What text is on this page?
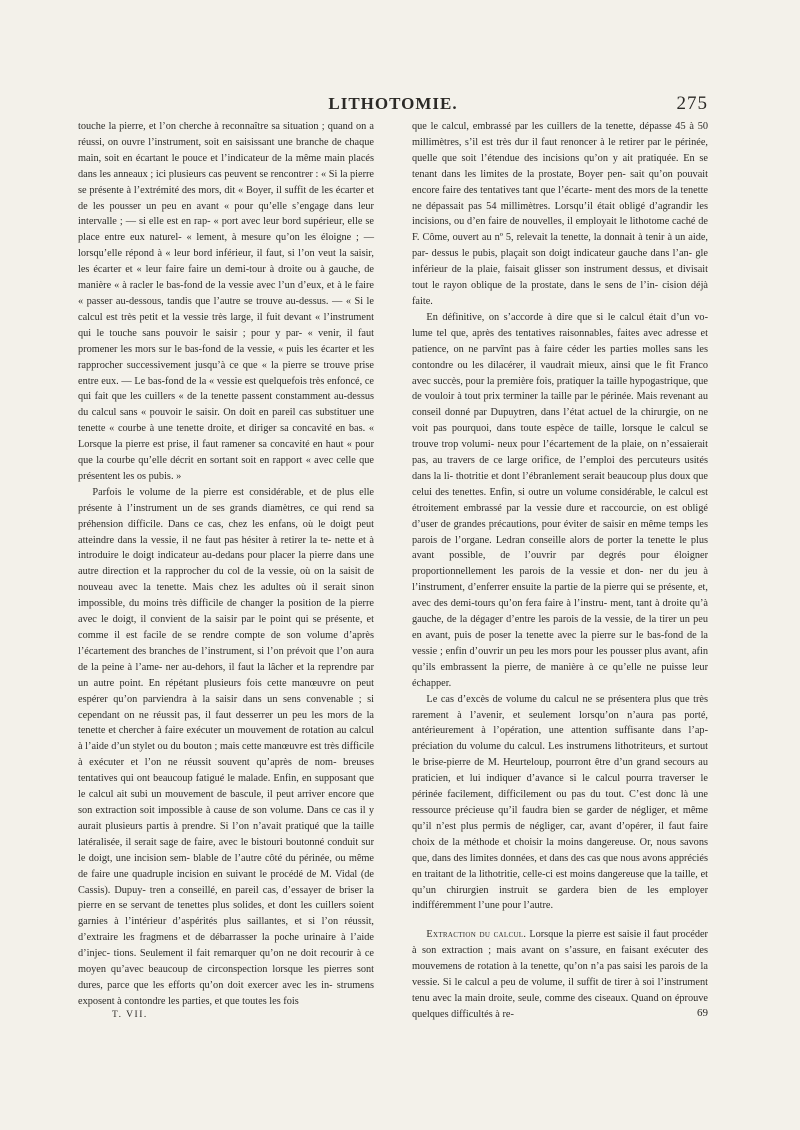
LITHOTOMIE.	275

touche la pierre, et l’on cherche à reconnaître sa situation ; quand on a réussi, on ouvre l’instrument, soit en saisissant une branche de chaque main, soit en écartant le pouce et l’indicateur de la même main placés dans les anneaux ; ici plusieurs cas peuvent se rencontrer : « Si la pierre se présente à l’extrémité des mors, dit « Boyer, il suffit de les écarter et de les pousser un peu en avant « pour qu’elle s’engage dans leur intervalle ; — si elle est en rap- « port avec leur bord supérieur, elle se place entre eux naturel- « lement, à mesure qu’on les éloigne ; — lorsqu’elle répond à « leur bord inférieur, il faut, si l’on veut la saisir, les écarter et « leur faire faire un demi-tour à droite ou à gauche, de manière « à racler le bas-fond de la vessie avec l’un d’eux, et à le faire « passer au-dessous, tandis que l’autre se trouve au-dessus. — « Si le calcul est très petit et la vessie très large, il fuit devant « l’instrument qui le touche sans pouvoir le saisir ; pour y par- « venir, il faut promener les mors sur le bas-fond de la vessie, « puis les écarter et les rapprocher successivement jusqu’à ce que « la pierre se trouve prise entre eux. — Le bas-fond de la « vessie est quelquefois très enfoncé, ce qui fait que les cuillers « de la tenette passent constamment au-dessus du calcul sans « pouvoir le saisir. On doit en pareil cas substituer une tenette « courbe à une tenette droite, et diriger sa concavité en bas. « Lorsque la pierre est prise, il faut ramener sa concavité en haut « pour que la courbe qu’elle décrit en sortant soit en rapport « avec celle que présentent les os pubis. »

Parfois le volume de la pierre est considérable, et de plus elle présente à l’instrument un de ses grands diamètres, ce qui rend sa préhension difficile. Dans ce cas, chez les enfans, où le doigt peut atteindre dans la vessie, il ne faut pas hésiter à retirer la te- nette et à introduire le doigt indicateur au-dedans pour placer la pierre dans une autre direction et la rapprocher du col de la vessie, où on la saisit de nouveau avec la tenette. Mais chez les adultes où il serait sinon impossible, du moins très difficile de changer la position de la pierre avec le doigt, il convient de la saisir par le point qui se présente, et comme il est facile de se rendre compte de son volume d’après l’écartement des branches de l’instrument, si l’on prévoit que l’on aura de la peine à l’ame- ner au-dehors, il faut la lâcher et la reprendre par un autre point. En répétant plusieurs fois cette manœuvre on peut espérer qu’on parviendra à la saisir dans un sens convenable ; si cependant on ne réussit pas, il faut desserrer un peu les mors de la tenette et chercher à faire exécuter un mouvement de rotation au calcul à l’aide d’un stylet ou du bouton ; mais cette manœuvre est très difficile à exécuter et l’on ne réussit souvent qu’après de nom- breuses tentatives qui ont beaucoup fatigué le malade. Enfin, en supposant que le calcul ait subi un mouvement de bascule, il peut arriver encore que son extraction soit impossible à cause de son volume. Dans ce cas il y aurait plusieurs partis à prendre. Si l’on n’avait pratiqué que la taille latéralisée, il serait sage de faire, avec le bistouri boutonné conduit sur le doigt, une incision sem- blable de l’autre côté du périnée, ou même de faire une quadruple incision en suivant le procédé de M. Vidal (de Cassis). Dupuy- tren a conseillé, en pareil cas, d’essayer de briser la pierre en se servant de tenettes plus solides, et dont les cuillers soient garnies à l’intérieur d’aspérités plus saillantes, et si l’on réussit, d’extraire les fragmens et de débarrasser la poche urinaire à l’aide d’injec- tions. Seulement il fait remarquer qu’on ne doit recourir à ce moyen qu’avec beaucoup de circonspection lorsque les pierres sont dures, parce que les efforts qu’on doit exercer avec les in- strumens exposent à contondre les parties, et que toutes les fois

que le calcul, embrassé par les cuillers de la tenette, dépasse 45 à 50 millimètres, s’il est très dur il faut renoncer à le retirer par le périnée, quelle que soit l’étendue des incisions qu’on y ait pratiquée. En se tenant dans les limites de la prostate, Boyer pen- sait qu’on pouvait encore faire des tentatives tant que l’écarte- ment des mors de la tenette ne dépassait pas 54 millimètres. Lorsqu’il était obligé d’agrandir les incisions, ou d’en faire de nouvelles, il employait le lithotome caché de F. Côme, ouvert au nº 5, relevait la tenette, la donnait à tenir à un aide, par- dessus le pubis, plaçait son doigt indicateur gauche dans l’an- gle inférieur de la plaie, faisait glisser son instrument dessus, et divisait tout le rayon oblique de la prostate, dans le sens de l’in- cision déjà faite.

En définitive, on s’accorde à dire que si le calcul était d’un vo- lume tel que, après des tentatives raisonnables, faites avec adresse et patience, on ne parvînt pas à faire céder les parties molles sans les contondre ou les dilacérer, il vaudrait mieux, ainsi que le fit Franco avec succès, pour la première fois, pratiquer la taille hypogastrique, que de vouloir à tout prix terminer la taille par le périnée. Mais revenant au conseil donné par Dupuytren, dans l’état actuel de la chirurgie, on ne voit pas pourquoi, dans toute espèce de taille, lorsque le calcul se trouve trop volumi- neux pour l’écartement de la plaie, on n’essaierait pas, au travers de ce large orifice, de l’emploi des percuteurs usités dans la li- thotritie et dont l’ébranlement serait beaucoup plus doux que celui des tenettes. Enfin, si outre un volume considérable, le calcul est étroitement embrassé par la vessie dure et raccourcie, on est obligé d’user de grandes précautions, pour éviter de saisir en même temps les parois de l’organe. Ledran conseille alors de porter la tenette le plus avant possible, de l’ouvrir par degrés pour éloigner proportionnellement les parois de la vessie et don- ner du jeu à l’instrument, d’enferrer ensuite la partie de la pierre qui se présente, et, avec des demi-tours qu’on fera faire à l’instru- ment, tant à droite qu’à gauche, de la dégager d’entre les parois de la vessie, de la tirer un peu en avant, puis de poser la tenette avec la pierre sur le bas-fond de la vessie ; enfin d’ouvrir un peu les mors pour les pousser plus avant, afin qu’ils embrassent la pierre, de manière à ce qu’elle ne puisse leur échapper.

Le cas d’excès de volume du calcul ne se présentera plus que très rarement à l’avenir, et seulement lorsqu’on n’aura pas porté, antérieurement à l’opération, une attention suffisante dans l’ap- préciation du volume du calcul. Les instrumens lithotriteurs, et surtout le brise-pierre de M. Heurteloup, pourront être d’un grand secours au praticien, et lui indiquer d’avance si le calcul pourra traverser le périnée facilement, difficilement ou pas du tout. C’est donc là une ressource précieuse qu’il faudra bien se garder de négliger, et même qu’il n’est plus permis de négliger, car, avant d’opérer, il faut faire choix de la méthode et choisir la moins dangereuse. Or, nous savons que, dans des limites données, et dans des cas que nous avons appréciés en traitant de la lithotritie, celle-ci est moins dangereuse que la taille, et qu’un chirurgien instruit se gardera bien de les employer indifféremment l’une pour l’autre.

Extraction du calcul. Lorsque la pierre est saisie il faut procéder à son extraction ; mais avant on s’assure, en faisant exécuter des mouvemens de rotation à la tenette, qu’on n’a pas saisi les parois de la vessie. Si le calcul a peu de volume, il suffit de tirer à soi l’instrument tenu avec la main droite, seule, comme des ciseaux. Quand on éprouve quelques difficultés à re-

T. VII.	69
